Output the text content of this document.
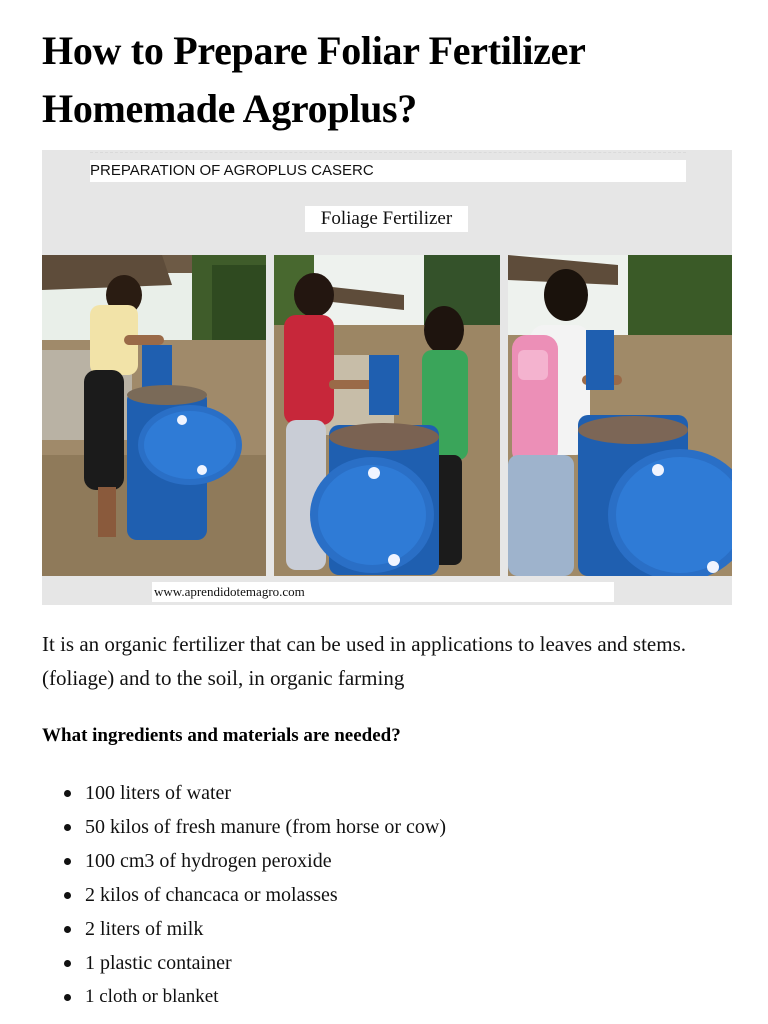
How to Prepare Foliar Fertilizer
Homemade Agroplus?
PREPARATION OF AGROPLUS CASERC
Foliage Fertilizer
www.aprendidotemagro.com

It is an organic fertilizer that can be used in applications to leaves and stems.
(foliage) and to the soil, in organic farming

What ingredients and materials are needed?
100 liters of water
50 kilos of fresh manure (from horse or cow)
100 cm3 of hydrogen peroxide
2 kilos of chancaca or molasses
2 liters of milk
1 plastic container
1 cloth or blanket
